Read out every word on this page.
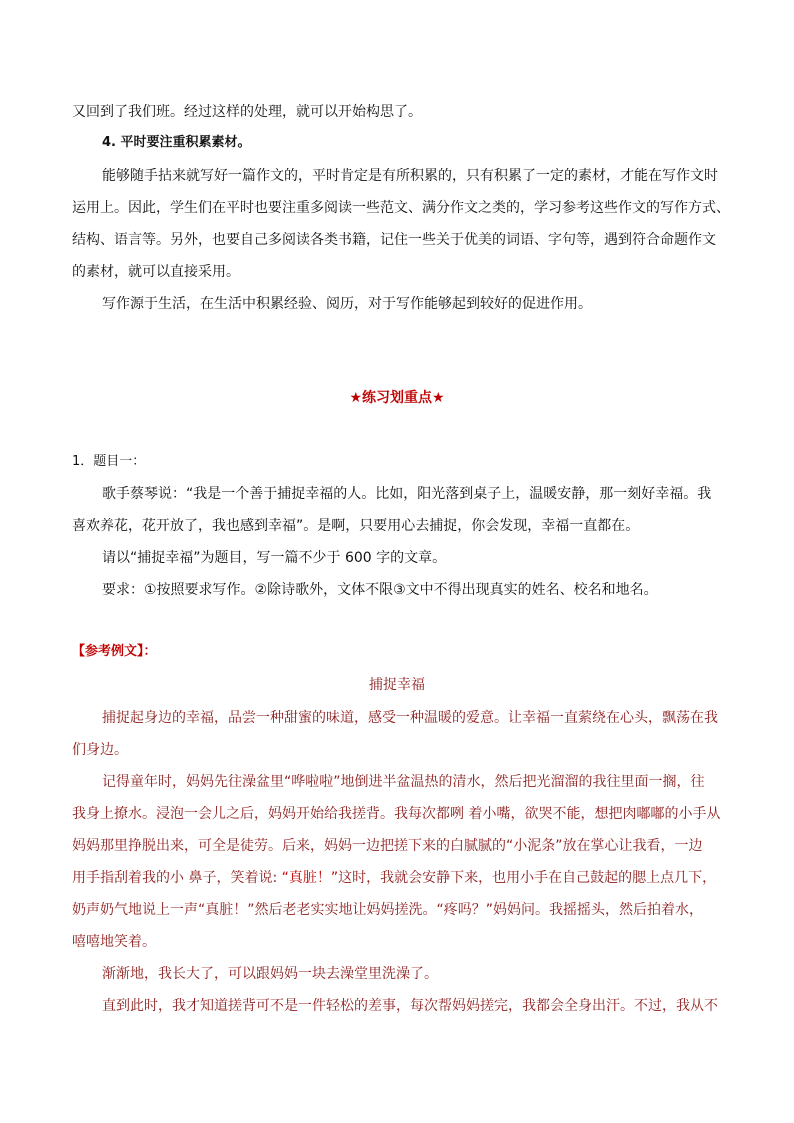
又回到了我们班。经过这样的处理，就可以开始构思了。
4. 平时要注重积累素材。
能够随手拈来就写好一篇作文的，平时肯定是有所积累的，只有积累了一定的素材，才能在写作文时
运用上。因此，学生们在平时也要注重多阅读一些范文、满分作文之类的，学习参考这些作文的写作方式、
结构、语言等。另外，也要自己多阅读各类书籍，记住一些关于优美的词语、字句等，遇到符合命题作文
的素材，就可以直接采用。
写作源于生活，在生活中积累经验、阅历，对于写作能够起到较好的促进作用。
★练习划重点★
1．题目一：
歌手蔡琴说：“我是一个善于捕捉幸福的人。比如，阳光落到桌子上，温暖安静，那一刻好幸福。我
喜欢养花，花开放了，我也感到幸福”。是啊，只要用心去捕捉，你会发现，幸福一直都在。
请以“捕捉幸福”为题目，写一篇不少于 600 字的文章。
要求：①按照要求写作。②除诗歌外，文体不限③文中不得出现真实的姓名、校名和地名。
【参考例文】：
捕捉幸福
捕捉起身边的幸福，品尝一种甜蜜的味道，感受一种温暖的爱意。让幸福一直萦绕在心头，飘荡在我
们身边。
记得童年时，妈妈先往澡盆里“哗啦啦”地倒进半盆温热的清水，然后把光溜溜的我往里面一搁，往
我身上撩水。浸泡一会儿之后，妈妈开始给我搓背。我每次都咧 着小嘴，欲哭不能，想把肉嘟嘟的小手从
妈妈那里挣脱出来，可全是徒劳。后来，妈妈一边把搓下来的白腻腻的“小泥条”放在掌心让我看，一边
用手指刮着我的小 鼻子，笑着说: “真脏！”这时，我就会安静下来，也用小手在自己鼓起的腮上点几下，
奶声奶气地说上一声“真脏！”然后老老实实地让妈妈搓洗。“疼吗？”妈妈问。我摇摇头，然后拍着水，
嘻嘻地笑着。
渐渐地，我长大了，可以跟妈妈一块去澡堂里洗澡了。
直到此时，我才知道搓背可不是一件轻松的差事，每次帮妈妈搓完，我都会全身出汗。不过，我从不
